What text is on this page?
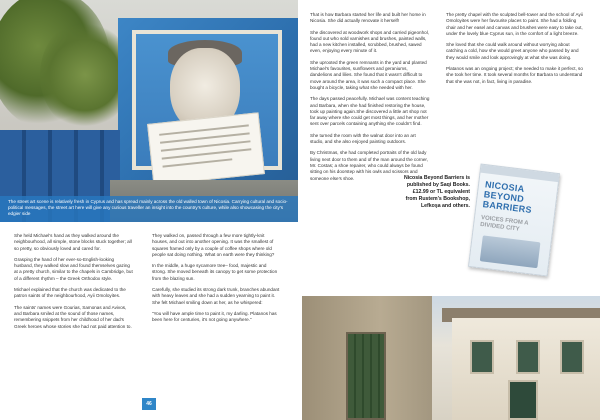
The street art scene is relatively fresh in Cyprus and has spread mainly across the old walled town of Nicosia. Carrying cultural and socio-political messages, the street art here will give any curious traveller an insight into the country’s culture, while also showcasing the city’s edgier side

She held Michael’s hand as they walked around the neighbourhood, all simple, stone blocks stuck together; all so pretty, so obviously loved and cared for.

Grasping the hand of her ever-so-English-looking husband, they walked slow and found themselves gazing at a pretty church, similar to the chapels in Cambridge, but of a different rhythm – the Greek Orthodox style.

Michael explained that the church was dedicated to the patron saints of the neighbourhood, Ayii Omoloyites.

The saints’ names were Gourias, Samonas and Avivos, and Barbara smiled at the sound of those names, remembering snippets from her childhood of her dad’s Greek heroes whose stories she had not paid attention to.

They walked on, passed through a few more tightly-knit houses, and out into another opening. It was the smallest of squares framed only by a couple of coffee shops where old people sat doing nothing. What on earth were they thinking?

In the middle, a huge sycamore tree– food, majestic and strong. She moved beneath its canopy to get some protection from the blazing sun.

Carefully, she studied its strong dark trunk, branches abundant with heavy leaves and she had a sudden yearning to paint it. She felt Michael smiling down at her, as he whispered:

“You will have ample time to paint it, my darling. Platanos has been here for centuries, it’s not going anywhere.”

That is how Barbara started her life and built her home in Nicosia. She did actually renovate it herself!

She discovered at woodwork shops and carried pigeonhol, found out who sold varnishes and brushes, painted walls, had a new kitchen installed, scrubbed, brushed, sawed even, enjoying every minute of it.

She uprooted the green remnants in the yard and planted Michael’s favourites, sunflowers and geraniums, dandelions and lilies. She found that it wasn’t difficult to move around the area, it was such a compact place. She bought a bicycle, taking what she needed with her.

The days passed peacefully. Michael was content teaching and Barbara, when she had finished restoring the house, took up painting again.She discovered a little art shop not far away where she could get most things, and her mother sent over parcels containing anything she couldn’t find.

She turned the room with the walnut door into an art studio, and she also enjoyed painting outdoors.

By Christmas, she had completed portraits of the old lady living next door to them and of the man around the corner, Mr. Costas; a shoe repairer, who could always be found sitting on his doorstep with his owls and scissors and someone else’s shoe.

The pretty chapel with the sculpted bell-tower and the school of Ayii Omoloyites were her favourite places to paint. She had a folding chair and her easel and canvas and brushes were easy to take out, under the lovely blue Cyprus sun, in the comfort of a light breeze.

She loved that she could walk around without worrying about catching a cold, how she would greet anyone who passed by and they would smile and look approvingly at what she was doing.

Platanos was an ongoing project; she needed to make it perfect, so she took her time. It took several months for Barbara to understand that she was not, in fact, living in paradise.

Nicosia Beyond Barriers is published by Saqi Books. £12.99 or TL equivalent from Rustem’s Bookshop, Lefkoşa and others.
NICOSIA BEYOND BARRIERS
VOICES FROM A DIVIDED CITY
46
